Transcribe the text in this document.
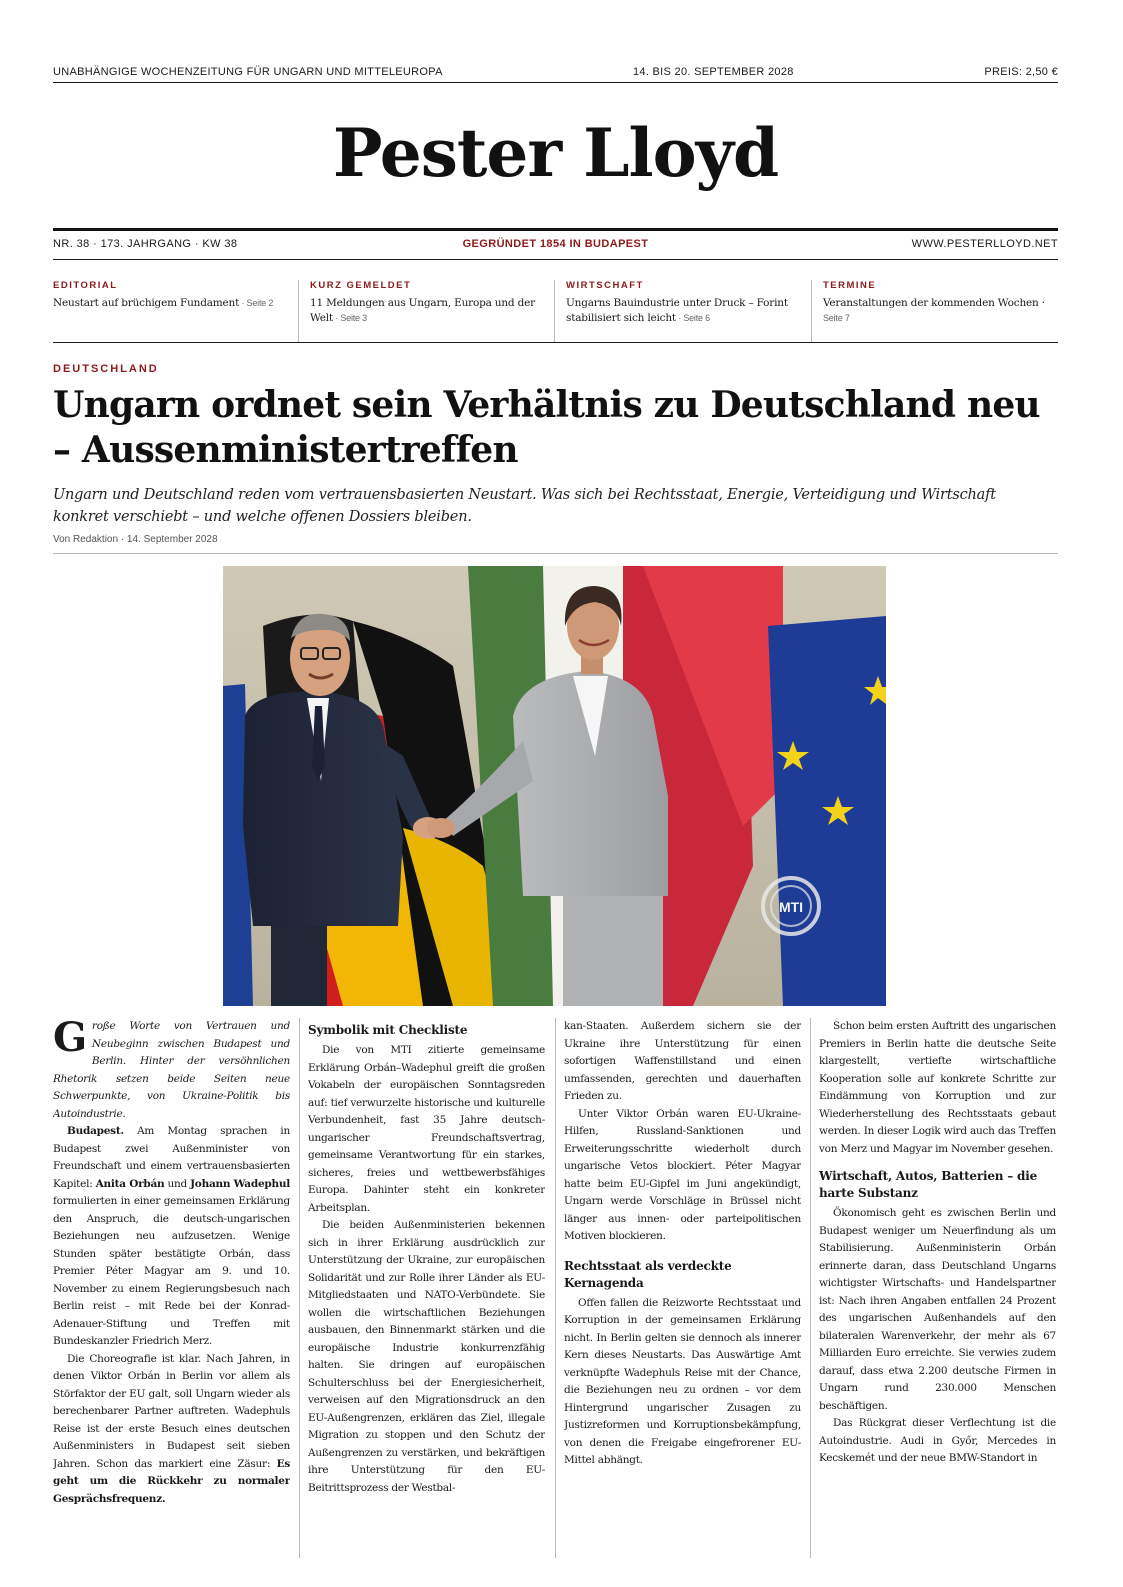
UNABHÄNGIGE WOCHENZEITUNG FÜR UNGARN UND MITTELEUROPA	14. BIS 20. SEPTEMBER 2028	PREIS: 2,50 €
Pester Lloyd
GEGRÜNDET 1854 IN BUDAPEST
NR. 38 · 173. JAHRGANG · KW 38	WWW.PESTERLLOYD.NET
EDITORIAL
Neustart auf brüchigem Fundament · Seite 2
KURZ GEMELDET
11 Meldungen aus Ungarn, Europa und der Welt · Seite 3
WIRTSCHAFT
Ungarns Bauindustrie unter Druck – Forint stabilisiert sich leicht · Seite 6
TERMINE
Veranstaltungen der kommenden Wochen · Seite 7
DEUTSCHLAND
Ungarn ordnet sein Verhältnis zu Deutschland neu – Aussenministertreffen
Ungarn und Deutschland reden vom vertrauensbasierten Neustart. Was sich bei Rechtsstaat, Energie, Verteidigung und Wirtschaft konkret verschiebt – und welche offenen Dossiers bleiben.
Von Redaktion · 14. September 2028
MTI

Große Worte von Vertrauen und Neubeginn zwischen Budapest und Berlin. Hinter der versöhnlichen Rhetorik setzen beide Seiten neue Schwerpunkte, von Ukraine-Politik bis Autoindustrie.

Budapest. Am Montag sprachen in Budapest zwei Außenminister von Freundschaft und einem vertrauensbasierten Kapitel: Anita Orbán und Johann Wadephul formulierten in einer gemeinsamen Erklärung den Anspruch, die deutsch-ungarischen Beziehungen neu aufzusetzen. Wenige Stunden später bestätigte Orbán, dass Premier Péter Magyar am 9. und 10. November zu einem Regierungsbesuch nach Berlin reist – mit Rede bei der Konrad-Adenauer-Stiftung und Treffen mit Bundeskanzler Friedrich Merz.

Die Choreografie ist klar. Nach Jahren, in denen Viktor Orbán in Berlin vor allem als Störfaktor der EU galt, soll Ungarn wieder als berechenbarer Partner auftreten. Wadephuls Reise ist der erste Besuch eines deutschen Außenministers in Budapest seit sieben Jahren. Schon das markiert eine Zäsur: Es geht um die Rückkehr zu normaler Gesprächsfrequenz.

Symbolik mit Checkliste

Die von MTI zitierte gemeinsame Erklärung Orbán–Wadephul greift die großen Vokabeln der europäischen Sonntagsreden auf: tief verwurzelte historische und kulturelle Verbundenheit, fast 35 Jahre deutsch-ungarischer Freundschaftsvertrag, gemeinsame Verantwortung für ein starkes, sicheres, freies und wettbewerbsfähiges Europa. Dahinter steht ein konkreter Arbeitsplan.

Die beiden Außenministerien bekennen sich in ihrer Erklärung ausdrücklich zur Unterstützung der Ukraine, zur europäischen Solidarität und zur Rolle ihrer Länder als EU-Mitgliedstaaten und NATO-Verbündete. Sie wollen die wirtschaftlichen Beziehungen ausbauen, den Binnenmarkt stärken und die europäische Industrie konkurrenzfähig halten. Sie dringen auf europäischen Schulterschluss bei der Energiesicherheit, verweisen auf den Migrationsdruck an den EU-Außengrenzen, erklären das Ziel, illegale Migration zu stoppen und den Schutz der Außengrenzen zu verstärken, und bekräftigen ihre Unterstützung für den EU-Beitrittsprozess der Westbal-

kan-Staaten. Außerdem sichern sie der Ukraine ihre Unterstützung für einen sofortigen Waffenstillstand und einen umfassenden, gerechten und dauerhaften Frieden zu.

Unter Viktor Orbán waren EU-Ukraine-Hilfen, Russland-Sanktionen und Erweiterungsschritte wiederholt durch ungarische Vetos blockiert. Péter Magyar hatte beim EU-Gipfel im Juni angekündigt, Ungarn werde Vorschläge in Brüssel nicht länger aus innen- oder parteipolitischen Motiven blockieren.

Rechtsstaat als verdeckte Kernagenda

Offen fallen die Reizworte Rechtsstaat und Korruption in der gemeinsamen Erklärung nicht. In Berlin gelten sie dennoch als innerer Kern dieses Neustarts. Das Auswärtige Amt verknüpfte Wadephuls Reise mit der Chance, die Beziehungen neu zu ordnen – vor dem Hintergrund ungarischer Zusagen zu Justizreformen und Korruptionsbekämpfung, von denen die Freigabe eingefrorener EU-Mittel abhängt.

Schon beim ersten Auftritt des ungarischen Premiers in Berlin hatte die deutsche Seite klargestellt, vertiefte wirtschaftliche Kooperation solle auf konkrete Schritte zur Eindämmung von Korruption und zur Wiederherstellung des Rechtsstaats gebaut werden. In dieser Logik wird auch das Treffen von Merz und Magyar im November gesehen.

Wirtschaft, Autos, Batterien – die harte Substanz

Ökonomisch geht es zwischen Berlin und Budapest weniger um Neuerfindung als um Stabilisierung. Außenministerin Orbán erinnerte daran, dass Deutschland Ungarns wichtigster Wirtschafts- und Handelspartner ist: Nach ihren Angaben entfallen 24 Prozent des ungarischen Außenhandels auf den bilateralen Warenverkehr, der mehr als 67 Milliarden Euro erreichte. Sie verwies zudem darauf, dass etwa 2.200 deutsche Firmen in Ungarn rund 230.000 Menschen beschäftigen.

Das Rückgrat dieser Verflechtung ist die Autoindustrie. Audi in Győr, Mercedes in Kecskemét und der neue BMW-Standort in
